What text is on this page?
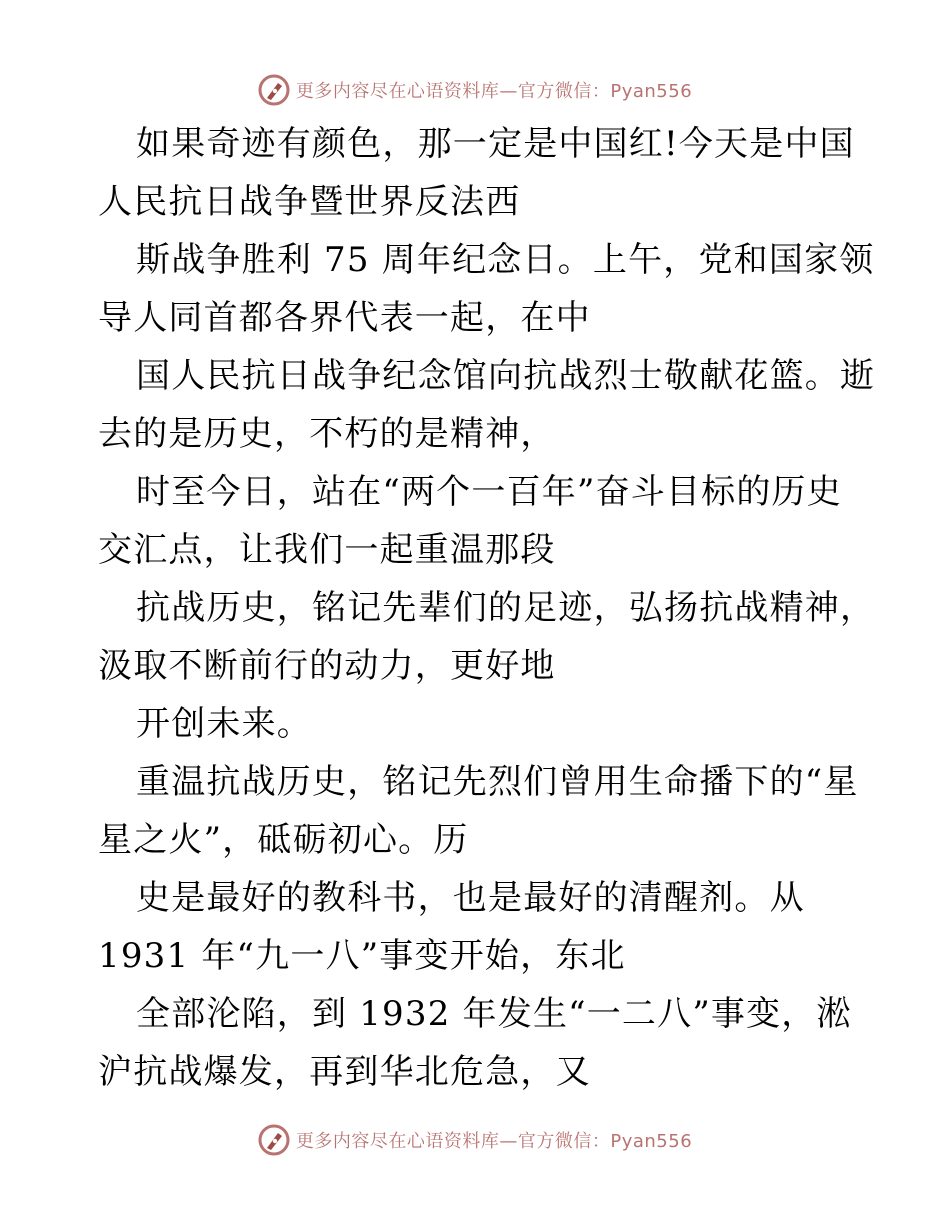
更多内容尽在心语资料库—官方微信：Pyan556
如果奇迹有颜色，那一定是中国红!今天是中国
人民抗日战争暨世界反法西
斯战争胜利 75 周年纪念日。上午，党和国家领
导人同首都各界代表一起，在中
国人民抗日战争纪念馆向抗战烈士敬献花篮。逝
去的是历史，不朽的是精神，
时至今日，站在“两个一百年”奋斗目标的历史
交汇点，让我们一起重温那段
抗战历史，铭记先辈们的足迹，弘扬抗战精神，
汲取不断前行的动力，更好地
开创未来。
重温抗战历史，铭记先烈们曾用生命播下的“星
星之火”，砥砺初心。历
史是最好的教科书，也是最好的清醒剂。从
1931 年“九一八”事变开始，东北
全部沦陷，到 1932 年发生“一二八”事变，淞
沪抗战爆发，再到华北危急，又
更多内容尽在心语资料库—官方微信：Pyan556
